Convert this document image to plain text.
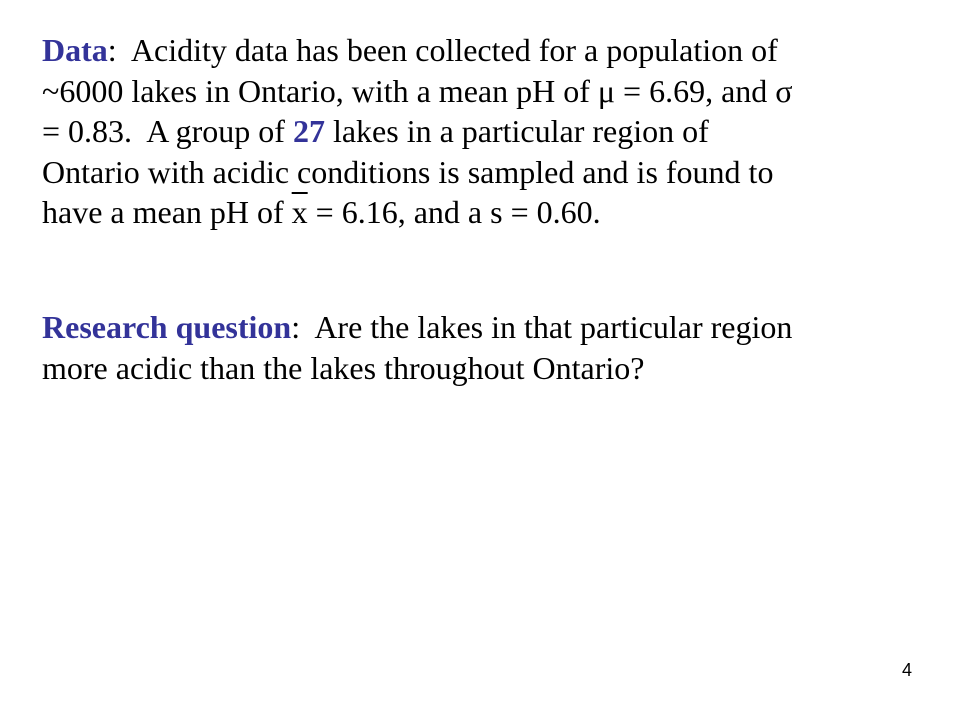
Data:  Acidity data has been collected for a population of
~6000 lakes in Ontario, with a mean pH of μ = 6.69, and σ
= 0.83.  A group of 27 lakes in a particular region of
Ontario with acidic conditions is sampled and is found to
have a mean pH of $\overline{x} = 6.16$, and a s = 0.60.
Research question:  Are the lakes in that particular region
more acidic than the lakes throughout Ontario?
4
